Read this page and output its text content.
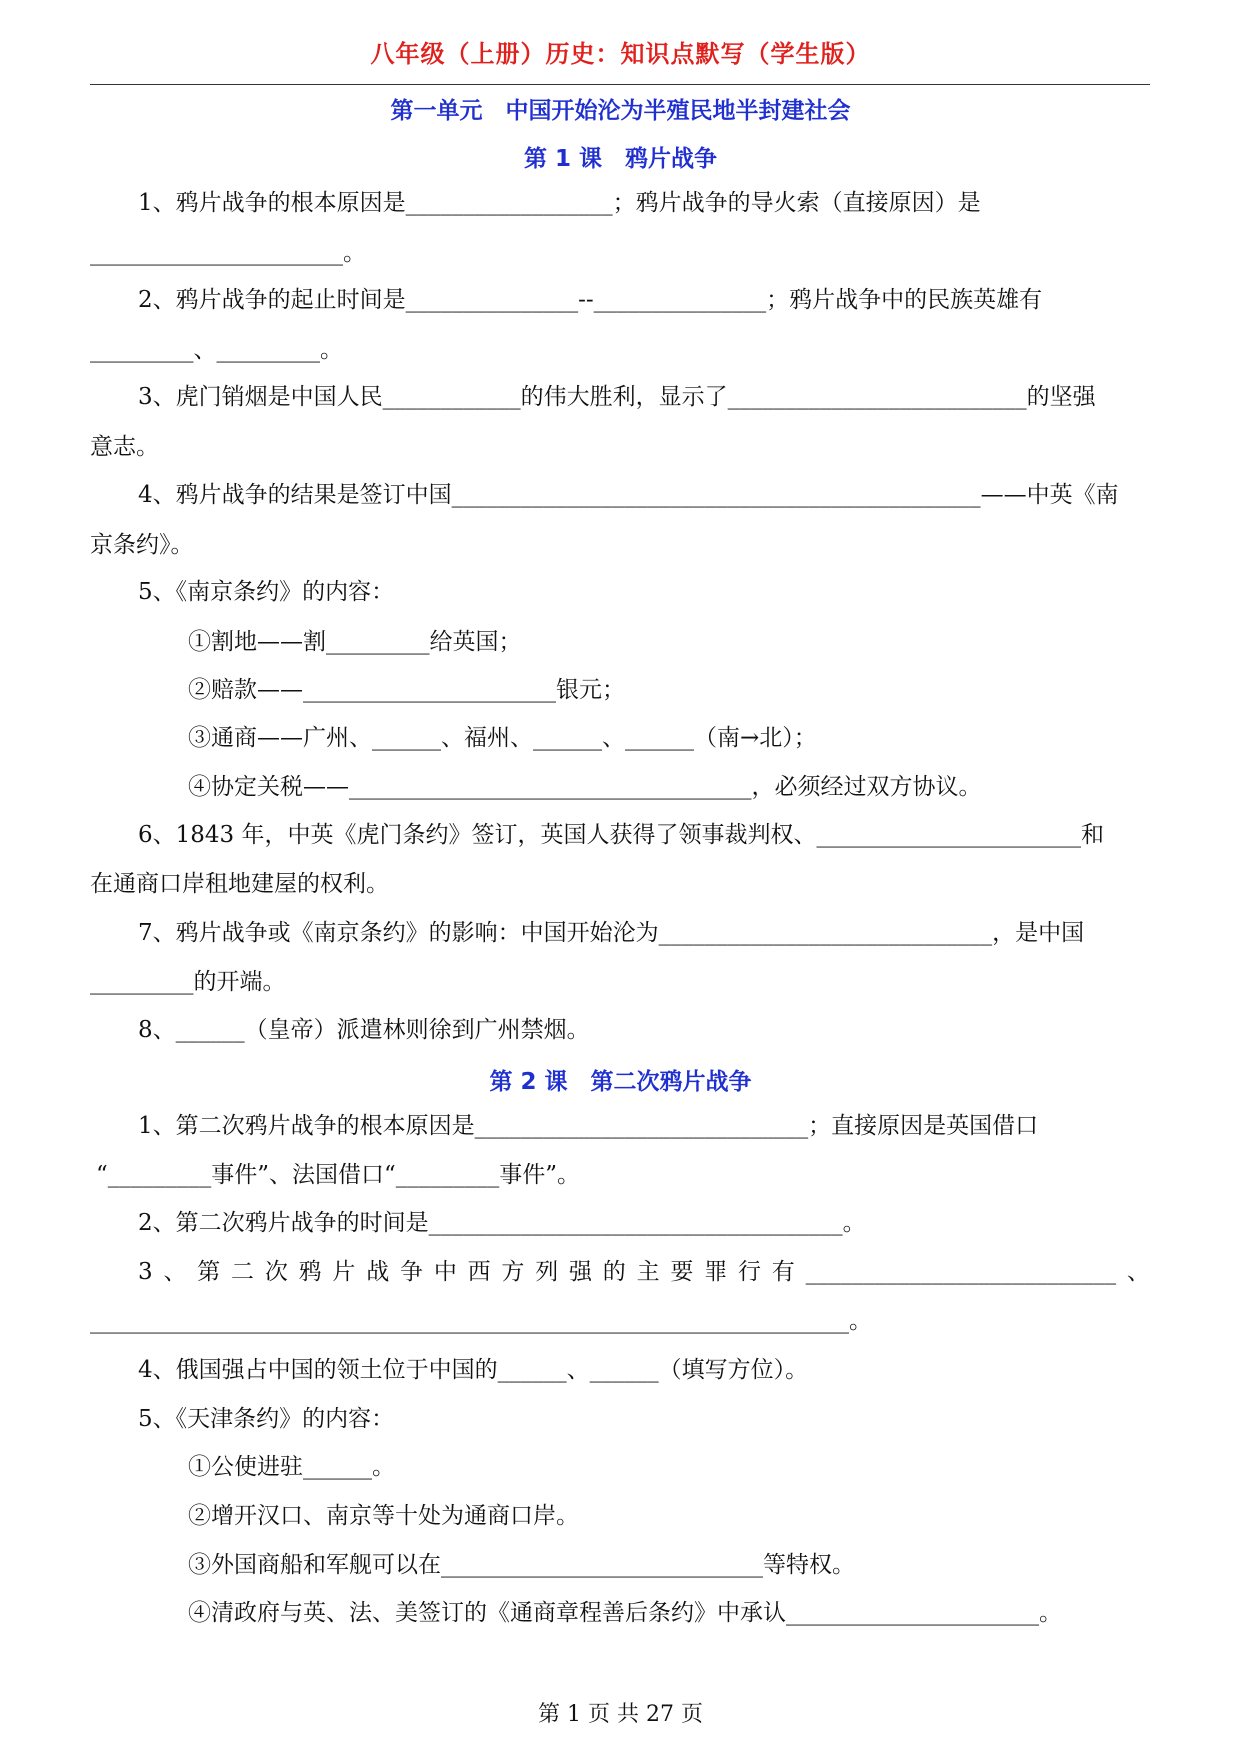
八年级（上册）历史：知识点默写（学生版）
第一单元　中国开始沦为半殖民地半封建社会
第 1 课　鸦片战争
1、鸦片战争的根本原因是__________________；鸦片战争的导火索（直接原因）是
______________________。
2、鸦片战争的起止时间是_______________--_______________；鸦片战争中的民族英雄有
_________、_________。
3、虎门销烟是中国人民____________的伟大胜利，显示了__________________________的坚强
意志。
4、鸦片战争的结果是签订中国______________________________________________——中英《南
京条约》。
5、《南京条约》的内容：
①割地——割_________给英国；
②赔款——______________________银元；
③通商——广州、______、福州、______、______（南→北）；
④协定关税——___________________________________，必须经过双方协议。
6、1843 年，中英《虎门条约》签订，英国人获得了领事裁判权、_______________________和
在通商口岸租地建屋的权利。
7、鸦片战争或《南京条约》的影响：中国开始沦为_____________________________，是中国
_________的开端。
8、______（皇帝）派遣林则徐到广州禁烟。
第 2 课　第二次鸦片战争
1、第二次鸦片战争的根本原因是_____________________________；直接原因是英国借口
“_________事件”、法国借口“_________事件”。
2、第二次鸦片战争的时间是____________________________________。
3 、 第 二 次 鸦 片 战 争 中 西 方 列 强 的 主 要 罪 行 有 ___________________________ 、
__________________________________________________________________。
4、俄国强占中国的领土位于中国的______、______（填写方位）。
5、《天津条约》的内容：
①公使进驻______。
②增开汉口、南京等十处为通商口岸。
③外国商船和军舰可以在____________________________等特权。
④清政府与英、法、美签订的《通商章程善后条约》中承认______________________。
第 1 页 共 27 页
